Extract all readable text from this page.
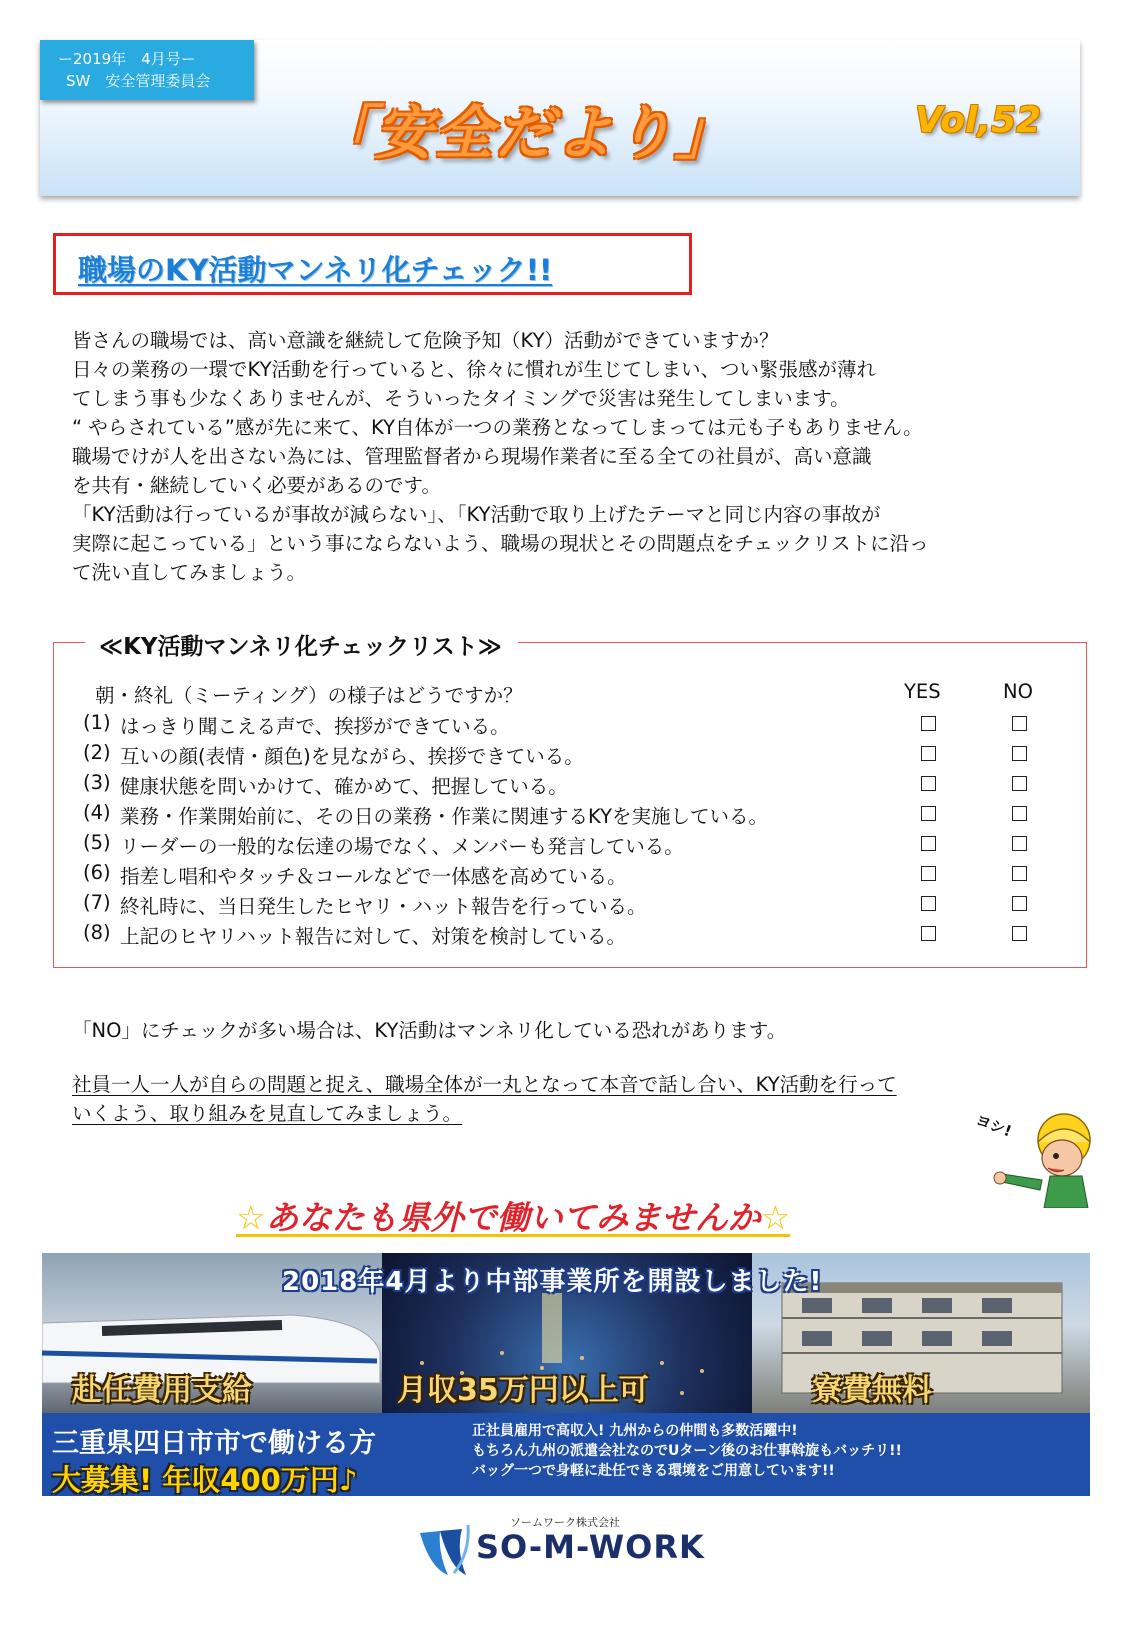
ー2019年　4月号ー
SW　安全管理委員会
「安全だより」	Vol,52
職場のKY活動マンネリ化チェック!!

皆さんの職場では、高い意識を継続して危険予知（KY）活動ができていますか？

日々の業務の一環でKY活動を行っていると、徐々に慣れが生じてしまい、つい緊張感が薄れ

てしまう事も少なくありませんが、そういったタイミングで災害は発生してしまいます。

“ やらされている”感が先に来て、KY自体が一つの業務となってしまっては元も子もありません。

職場でけが人を出さない為には、管理監督者から現場作業者に至る全ての社員が、高い意識

を共有・継続していく必要があるのです。

「KY活動は行っているが事故が減らない」、「KY活動で取り上げたテーマと同じ内容の事故が

実際に起こっている」という事にならないよう、職場の現状とその問題点をチェックリストに沿っ

て洗い直してみましょう。

≪KY活動マンネリ化チェックリスト≫
朝・終礼（ミーティング）の様子はどうですか？	YES	NO
(1) はっきり聞こえる声で、挨拶ができている。
(2) 互いの顔(表情・顔色)を見ながら、挨拶できている。
(3) 健康状態を問いかけて、確かめて、把握している。
(4) 業務・作業開始前に、その日の業務・作業に関連するKYを実施している。
(5) リーダーの一般的な伝達の場でなく、メンバーも発言している。
(6) 指差し唱和やタッチ＆コールなどで一体感を高めている。
(7) 終礼時に、当日発生したヒヤリ・ハット報告を行っている。
(8) 上記のヒヤリハット報告に対して、対策を検討している。
「NO」にチェックが多い場合は、KY活動はマンネリ化している恐れがあります。

社員一人一人が自らの問題と捉え、職場全体が一丸となって本音で話し合い、KY活動を行って

いくよう、取り組みを見直してみましょう。	ヨシ!
☆あなたも県外で働いてみませんか☆
2018年4月より中部事業所を開設しました!
赴任費用支給	月収35万円以上可	寮費無料
三重県四日市市で働ける方
大募集! 年収400万円♪

正社員雇用で高収入! 九州からの仲間も多数活躍中!

もちろん九州の派遣会社なのでUターン後のお仕事斡旋もバッチリ!!

バッグ一つで身軽に赴任できる環境をご用意しています!!

ソームワーク株式会社
SO-M-WORK
